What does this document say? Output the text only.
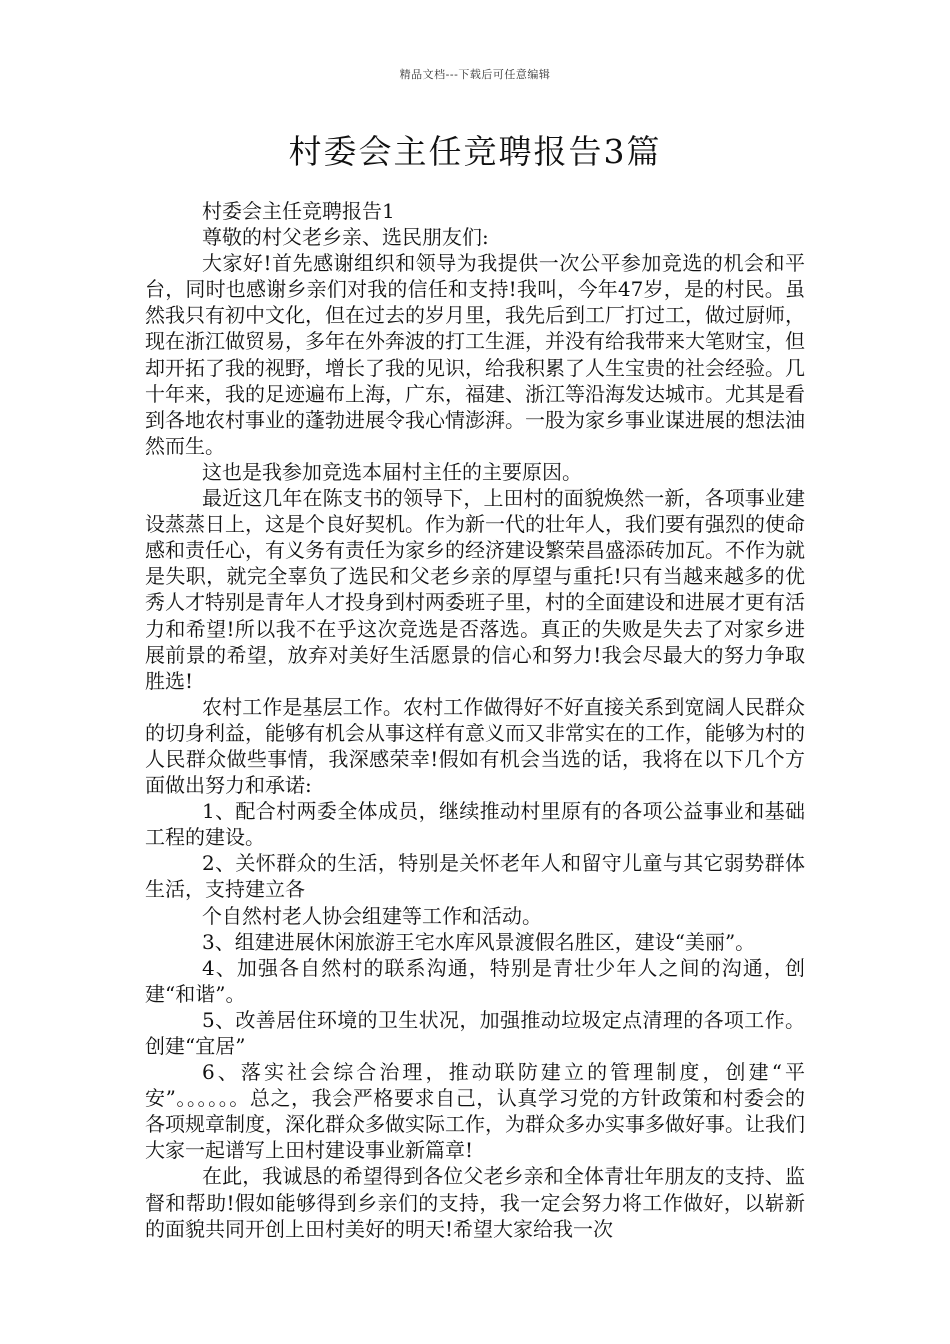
精品文档---下载后可任意编辑
村委会主任竞聘报告3篇

村委会主任竞聘报告1

尊敬的村父老乡亲、选民朋友们:

大家好!首先感谢组织和领导为我提供一次公平参加竞选的机会和平台，同时也感谢乡亲们对我的信任和支持!我叫，今年47岁，是的村民。虽然我只有初中文化，但在过去的岁月里，我先后到工厂打过工，做过厨师，现在浙江做贸易，多年在外奔波的打工生涯，并没有给我带来大笔财宝，但却开拓了我的视野，增长了我的见识，给我积累了人生宝贵的社会经验。几十年来，我的足迹遍布上海，广东，福建、浙江等沿海发达城市。尤其是看到各地农村事业的蓬勃进展令我心情澎湃。一股为家乡事业谋进展的想法油然而生。

这也是我参加竞选本届村主任的主要原因。

最近这几年在陈支书的领导下，上田村的面貌焕然一新，各项事业建设蒸蒸日上，这是个良好契机。作为新一代的壮年人，我们要有强烈的使命感和责任心，有义务有责任为家乡的经济建设繁荣昌盛添砖加瓦。不作为就是失职，就完全辜负了选民和父老乡亲的厚望与重托!只有当越来越多的优秀人才特别是青年人才投身到村两委班子里，村的全面建设和进展才更有活力和希望!所以我不在乎这次竞选是否落选。真正的失败是失去了对家乡进展前景的希望，放弃对美好生活愿景的信心和努力!我会尽最大的努力争取胜选!

农村工作是基层工作。农村工作做得好不好直接关系到宽阔人民群众的切身利益，能够有机会从事这样有意义而又非常实在的工作，能够为村的人民群众做些事情，我深感荣幸!假如有机会当选的话，我将在以下几个方面做出努力和承诺:

1、配合村两委全体成员，继续推动村里原有的各项公益事业和基础工程的建设。

2、关怀群众的生活，特别是关怀老年人和留守儿童与其它弱势群体生活，支持建立各

个自然村老人协会组建等工作和活动。

3、组建进展休闲旅游王宅水库风景渡假名胜区，建设“美丽”。

4、加强各自然村的联系沟通，特别是青壮少年人之间的沟通，创建“和谐”。

5、改善居住环境的卫生状况，加强推动垃圾定点清理的各项工作。创建“宜居”

6、落实社会综合治理，推动联防建立的管理制度，创建“平安”。。。。。。总之，我会严格要求自己，认真学习党的方针政策和村委会的各项规章制度，深化群众多做实际工作，为群众多办实事多做好事。让我们大家一起谱写上田村建设事业新篇章!

在此，我诚恳的希望得到各位父老乡亲和全体青壮年朋友的支持、监督和帮助!假如能够得到乡亲们的支持，我一定会努力将工作做好，以崭新的面貌共同开创上田村美好的明天!希望大家给我一次
